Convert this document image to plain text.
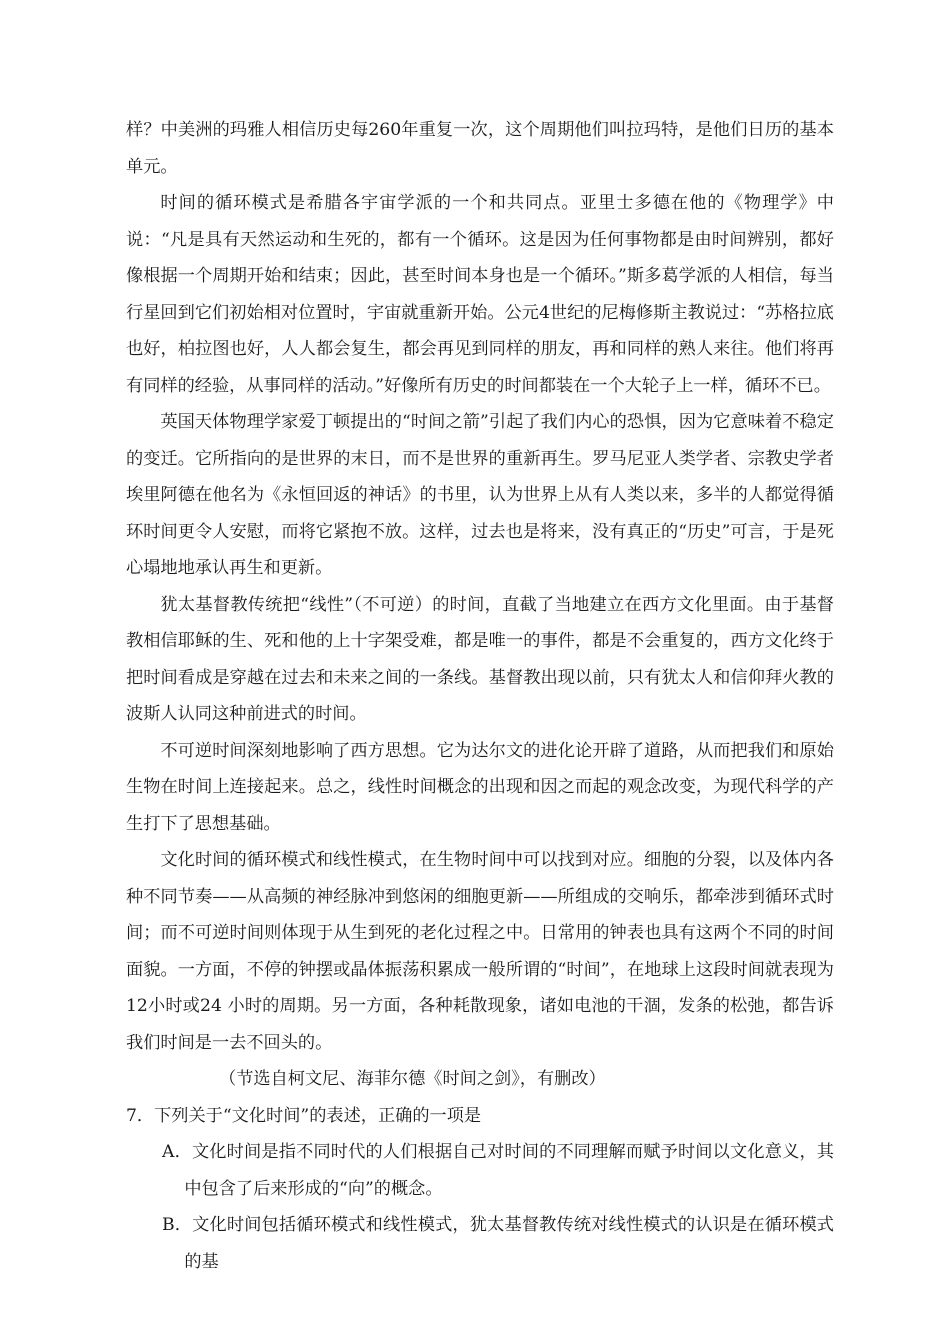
样？中美洲的玛雅人相信历史每260年重复一次，这个周期他们叫拉玛特，是他们日历的基本单元。

时间的循环模式是希腊各宇宙学派的一个和共同点。亚里士多德在他的《物理学》中说：“凡是具有天然运动和生死的，都有一个循环。这是因为任何事物都是由时间辨别，都好像根据一个周期开始和结束；因此，甚至时间本身也是一个循环。”斯多葛学派的人相信，每当行星回到它们初始相对位置时，宇宙就重新开始。公元4世纪的尼梅修斯主教说过：“苏格拉底也好，柏拉图也好，人人都会复生，都会再见到同样的朋友，再和同样的熟人来往。他们将再有同样的经验，从事同样的活动。”好像所有历史的时间都装在一个大轮子上一样，循环不已。

英国天体物理学家爱丁顿提出的“时间之箭”引起了我们内心的恐惧，因为它意味着不稳定的变迁。它所指向的是世界的末日，而不是世界的重新再生。罗马尼亚人类学者、宗教史学者埃里阿德在他名为《永恒回返的神话》的书里，认为世界上从有人类以来，多半的人都觉得循环时间更令人安慰，而将它紧抱不放。这样，过去也是将来，没有真正的“历史”可言，于是死心塌地地承认再生和更新。

犹太基督教传统把“线性”（不可逆）的时间，直截了当地建立在西方文化里面。由于基督教相信耶稣的生、死和他的上十字架受难，都是唯一的事件，都是不会重复的，西方文化终于把时间看成是穿越在过去和未来之间的一条线。基督教出现以前，只有犹太人和信仰拜火教的波斯人认同这种前进式的时间。

不可逆时间深刻地影响了西方思想。它为达尔文的进化论开辟了道路，从而把我们和原始生物在时间上连接起来。总之，线性时间概念的出现和因之而起的观念改变，为现代科学的产生打下了思想基础。

文化时间的循环模式和线性模式，在生物时间中可以找到对应。细胞的分裂，以及体内各种不同节奏——从高频的神经脉冲到悠闲的细胞更新——所组成的交响乐，都牵涉到循环式时间；而不可逆时间则体现于从生到死的老化过程之中。日常用的钟表也具有这两个不同的时间面貌。一方面，不停的钟摆或晶体振荡积累成一般所谓的“时间”，在地球上这段时间就表现为12小时或24 小时的周期。另一方面，各种耗散现象，诸如电池的干涸，发条的松弛，都告诉我们时间是一去不回头的。

（节选自柯文尼、海菲尔德《时间之剑》，有删改）

7．下列关于“文化时间”的表述，正确的一项是

A．文化时间是指不同时代的人们根据自己对时间的不同理解而赋予时间以文化意义，其中包含了后来形成的“向”的概念。

B．文化时间包括循环模式和线性模式，犹太基督教传统对线性模式的认识是在循环模式的基
